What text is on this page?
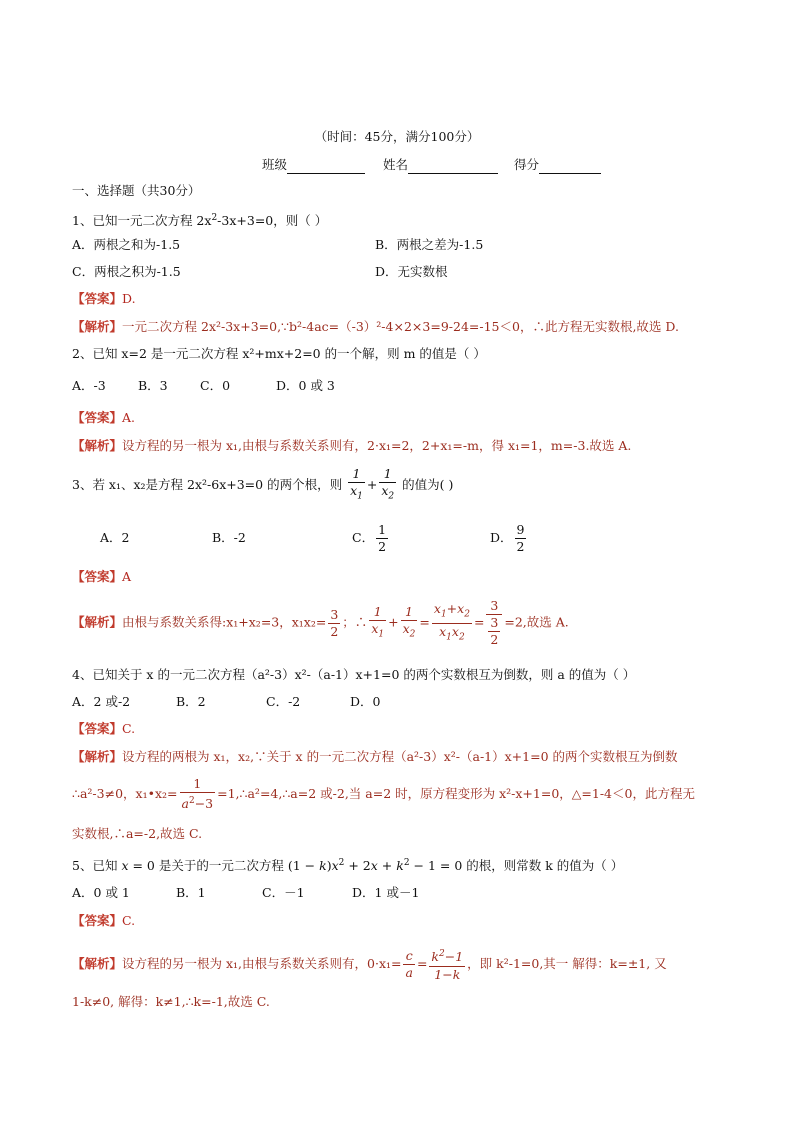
（时间：45分，满分100分）
班级	姓名	得分
一、选择题（共30分）
1、已知一元二次方程 $2x^2-3x+3=0$，则（ ）
A．两根之和为-1.5	B．两根之差为-1.5
C．两根之积为-1.5	D．无实数根
【答案】D.
【解析】一元二次方程 2x²-3x+3=0,∵b²-4ac=（-3）²-4×2×3=9-24=-15＜0，∴此方程无实数根,故选 D.
2、已知 x=2 是一元二次方程 x²+mx+2=0 的一个解，则 m 的值是（ ）
A．-3	B．3	C．0	D．0 或 3
【答案】A.
【解析】设方程的另一根为 x₁,由根与系数关系则有，2·x₁=2，2+x₁=-m，得 x₁=1，m=-3.故选 A.
3、若 x₁、x₂是方程 2x²-6x+3=0 的两个根，则 $\frac{1}{x_1} + \frac{1}{x_2}$ 的值为( )
A．2	B．-2	C． $\frac{1}{2}$	D． $\frac{9}{2}$
【答案】A
【解析】由根与系数关系得:x₁+x₂=3，$x_1x_2= \frac{3}{2}$ ；∴ $\frac{1}{x_1} + \frac{1}{x_2} = \frac{x_1+x_2}{x_1x_2} = \frac{3}{\frac{3}{2}} =2$,故选 A.
4、已知关于 x 的一元二次方程（a²-3）x²-（a-1）x+1=0 的两个实数根互为倒数，则 a 的值为（ ）
A．2 或-2	B．2	C．-2	D．0
【答案】C.
【解析】设方程的两根为 x₁，x₂,∵关于 x 的一元二次方程（a²-3）x²-（a-1）x+1=0 的两个实数根互为倒数
∴a²-3≠0，x₁•x₂= $\frac{1}{a^2-3}$ =1,∴a²=4,∴a=2 或-2,当 a=2 时，原方程变形为 x²-x+1=0，△=1-4＜0，此方程无
实数根,∴a=-2,故选 C.
5、已知 x = 0 是关于的一元二次方程 $(1 - k)x^2 + 2x + k^2 - 1 = 0$ 的根，则常数 k 的值为（ ）
A．0 或 1	B．1	C．－1	D．1 或－1
【答案】C.
【解析】设方程的另一根为 x₁,由根与系数关系则有，$0\cdot x_1= \frac{c}{a} = \frac{k^2-1}{1-k}$ ，即 k²-1=0,其一 解得：k=±1, 又
1-k≠0, 解得：k≠1,∴k=-1,故选 C.
